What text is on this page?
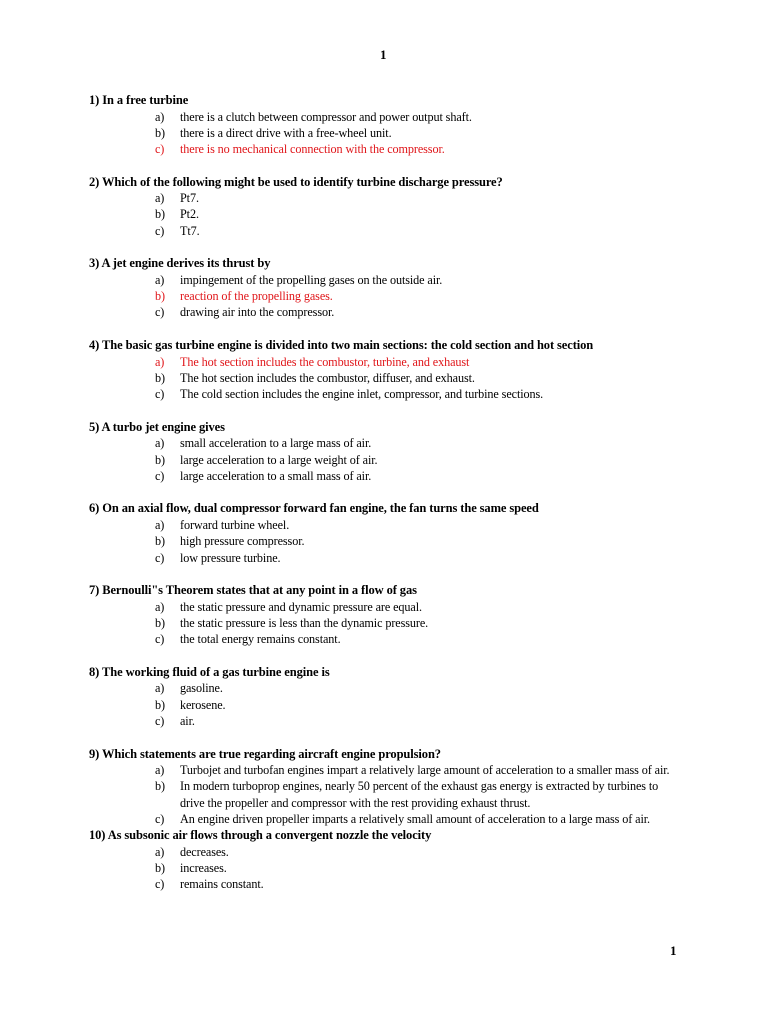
1
1) In a free turbine
a)	there is a clutch between compressor and power output shaft.
b)	there is a direct drive with a free-wheel unit.
c)	there is no mechanical connection with the compressor.
2) Which of the following might be used to identify turbine discharge pressure?
a)	Pt7.
b)	Pt2.
c)	Tt7.
3) A jet engine derives its thrust by
a)	impingement of the propelling gases on the outside air.
b)	reaction of the propelling gases.
c)	drawing air into the compressor.
4) The basic gas turbine engine is divided into two main sections: the cold section and hot section
a)	The hot section includes the combustor, turbine, and exhaust
b)	The hot section includes the combustor, diffuser, and exhaust.
c)	The cold section includes the engine inlet, compressor, and turbine sections.
5) A turbo jet engine gives
a)	small acceleration to a large mass of air.
b)	large acceleration to a large weight of air.
c)	large acceleration to a small mass of air.
6) On an axial flow, dual compressor forward fan engine, the fan turns the same speed
a)	forward turbine wheel.
b)	high pressure compressor.
c)	low pressure turbine.
7) Bernoulli"s Theorem states that at any point in a flow of gas
a)	the static pressure and dynamic pressure are equal.
b)	the static pressure is less than the dynamic pressure.
c)	the total energy remains constant.
8) The working fluid of a gas turbine engine is
a)	gasoline.
b)	kerosene.
c)	air.
9) Which statements are true regarding aircraft engine propulsion?
a)	Turbojet and turbofan engines impart a relatively large amount of acceleration to a smaller mass of air.
b)	In modern turboprop engines, nearly 50 percent of the exhaust gas energy is extracted by turbines to drive the propeller and compressor with the rest providing exhaust thrust.
c)	An engine driven propeller imparts a relatively small amount of acceleration to a large mass of air.
10) As subsonic air flows through a convergent nozzle the velocity
a)	decreases.
b)	increases.
c)	remains constant.
1
